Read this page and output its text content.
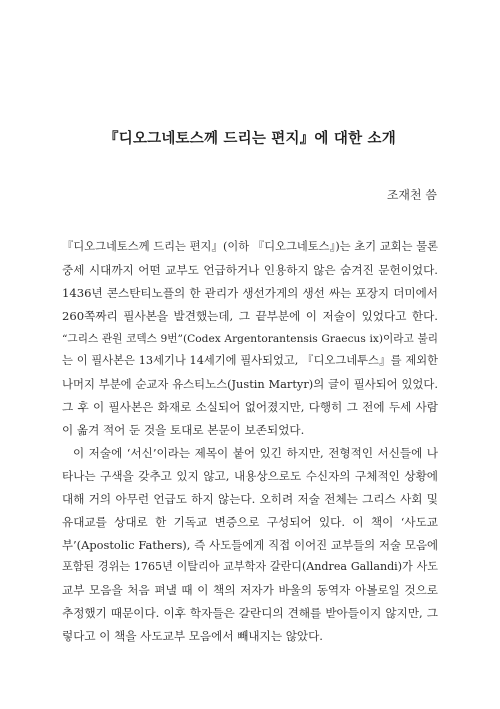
『디오그네토스께 드리는 편지』에 대한 소개
조재천 씀
『디오그네토스께 드리는 편지』(이하 『디오그네토스』)는 초기 교회는 물론
중세 시대까지 어떤 교부도 언급하거나 인용하지 않은 숨겨진 문헌이었다.
1436년 콘스탄티노플의 한 관리가 생선가게의 생선 싸는 포장지 더미에서
260쪽짜리 필사본을 발견했는데, 그 끝부분에 이 저술이 있었다고 한다.
“그리스 관원 코덱스 9번”(Codex Argentorantensis Graecus ix)이라고 불리
는 이 필사본은 13세기나 14세기에 필사되었고, 『디오그네투스』를 제외한
나머지 부분에 순교자 유스티노스(Justin Martyr)의 글이 필사되어 있었다.
그 후 이 필사본은 화재로 소실되어 없어졌지만, 다행히 그 전에 두세 사람
이 옮겨 적어 둔 것을 토대로 본문이 보존되었다.
이 저술에 ‘서신’이라는 제목이 붙어 있긴 하지만, 전형적인 서신들에 나
타나는 구색을 갖추고 있지 않고, 내용상으로도 수신자의 구체적인 상황에
대해 거의 아무런 언급도 하지 않는다. 오히려 저술 전체는 그리스 사회 및
유대교를 상대로 한 기독교 변증으로 구성되어 있다. 이 책이 ‘사도교
부’(Apostolic Fathers), 즉 사도들에게 직접 이어진 교부들의 저술 모음에
포함된 경위는 1765년 이탈리아 교부학자 갈란디(Andrea Gallandi)가 사도
교부 모음을 처음 펴낼 때 이 책의 저자가 바울의 동역자 아볼로일 것으로
추정했기 때문이다. 이후 학자들은 갈란디의 견해를 받아들이지 않지만, 그
렇다고 이 책을 사도교부 모음에서 빼내지는 않았다.
